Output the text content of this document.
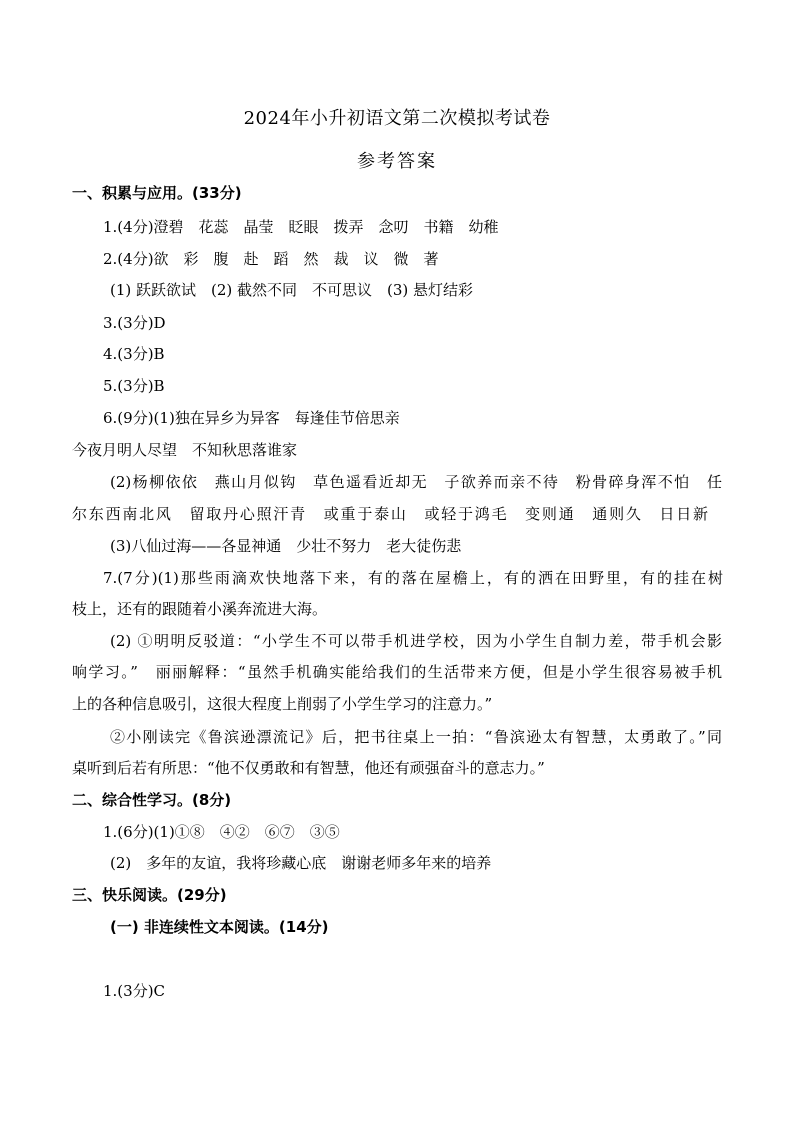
2024年小升初语文第二次模拟考试卷
参考答案
一、积累与应用。(33分)
1.(4分)澄碧　花蕊　晶莹　眨眼　拨弄　念叨　书籍　幼稚
2.(4分)欲　彩　腹　赴　蹈　然　裁　议　微　著
(1) 跃跃欲试　(2) 截然不同　不可思议　(3) 悬灯结彩
3.(3分)D
4.(3分)B
5.(3分)B
6.(9分)(1)独在异乡为异客　每逢佳节倍思亲
今夜月明人尽望　不知秋思落谁家
(2)杨柳依依　燕山月似钩　草色遥看近却无　子欲养而亲不待　粉骨碎身浑不怕　任
尔东西南北风　留取丹心照汗青　或重于泰山　或轻于鸿毛　变则通　通则久　日日新
(3)八仙过海——各显神通　少壮不努力　老大徒伤悲
7.(7分)(1)那些雨滴欢快地落下来，有的落在屋檐上，有的洒在田野里，有的挂在树
枝上，还有的跟随着小溪奔流进大海。
(2) ①明明反驳道：“小学生不可以带手机进学校，因为小学生自制力差，带手机会影
响学习。”　丽丽解释：“虽然手机确实能给我们的生活带来方便，但是小学生很容易被手机
上的各种信息吸引，这很大程度上削弱了小学生学习的注意力。”
②小刚读完《鲁滨逊漂流记》后，把书往桌上一拍：“鲁滨逊太有智慧，太勇敢了。”同
桌听到后若有所思：“他不仅勇敢和有智慧，他还有顽强奋斗的意志力。”
二、综合性学习。(8分)
1.(6分)(1)①⑧　④②　⑥⑦　③⑤
(2)　多年的友谊，我将珍藏心底　谢谢老师多年来的培养
三、快乐阅读。(29分)
(一) 非连续性文本阅读。(14分)
1.(3分)C
